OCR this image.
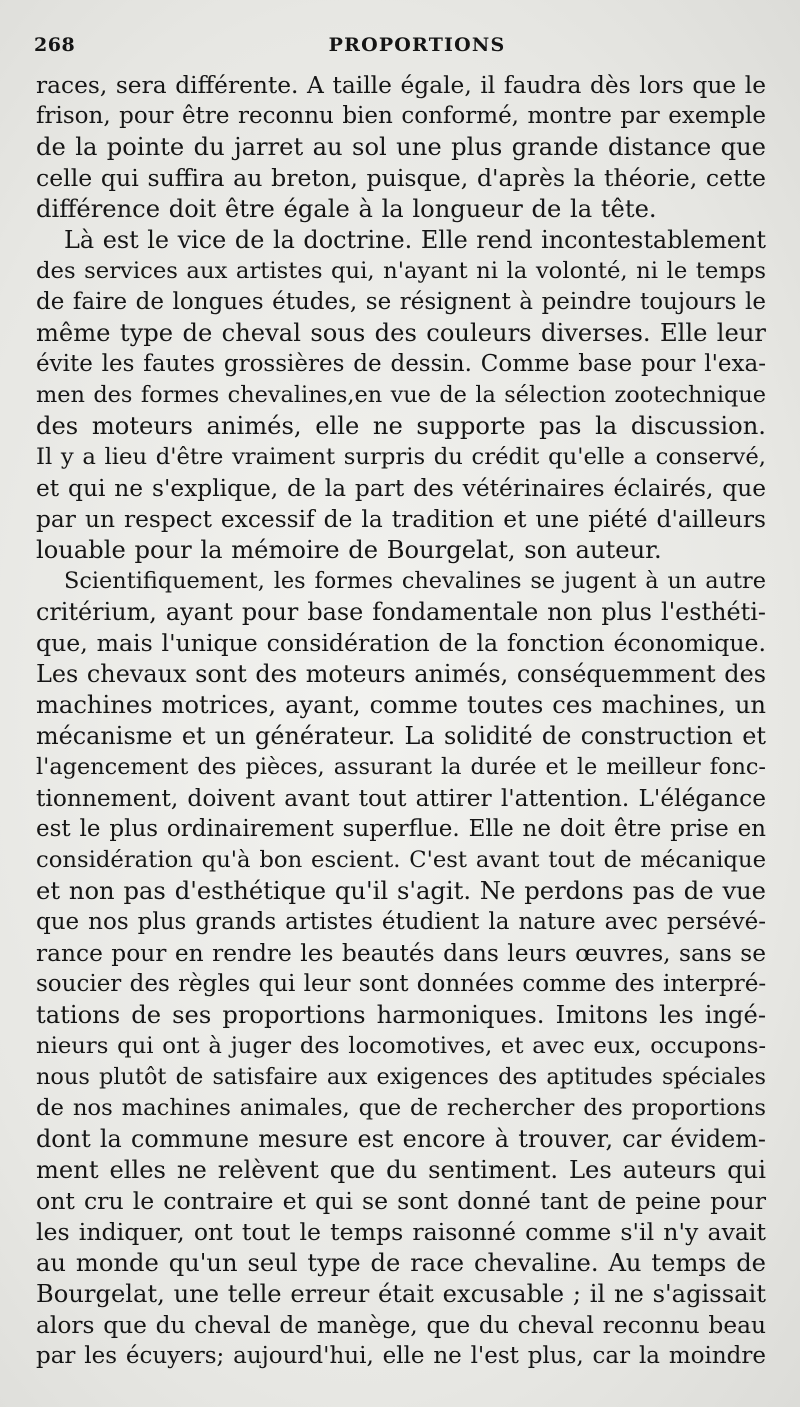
268	PROPORTIONS
races, sera différente. A taille égale, il faudra dès lors que le
frison, pour être reconnu bien conformé, montre par exemple
de la pointe du jarret au sol une plus grande distance que
celle qui suffira au breton, puisque, d'après la théorie, cette
différence doit être égale à la longueur de la tête.
Là est le vice de la doctrine. Elle rend incontestablement
des services aux artistes qui, n'ayant ni la volonté, ni le temps
de faire de longues études, se résignent à peindre toujours le
même type de cheval sous des couleurs diverses. Elle leur
évite les fautes grossières de dessin. Comme base pour l'exa-
men des formes chevalines,en vue de la sélection zootechnique
des moteurs animés, elle ne supporte pas la discussion.
Il y a lieu d'être vraiment surpris du crédit qu'elle a conservé,
et qui ne s'explique, de la part des vétérinaires éclairés, que
par un respect excessif de la tradition et une piété d'ailleurs
louable pour la mémoire de Bourgelat, son auteur.
Scientifiquement, les formes chevalines se jugent à un autre
critérium, ayant pour base fondamentale non plus l'esthéti-
que, mais l'unique considération de la fonction économique.
Les chevaux sont des moteurs animés, conséquemment des
machines motrices, ayant, comme toutes ces machines, un
mécanisme et un générateur. La solidité de construction et
l'agencement des pièces, assurant la durée et le meilleur fonc-
tionnement, doivent avant tout attirer l'attention. L'élégance
est le plus ordinairement superflue. Elle ne doit être prise en
considération qu'à bon escient. C'est avant tout de mécanique
et non pas d'esthétique qu'il s'agit. Ne perdons pas de vue
que nos plus grands artistes étudient la nature avec persévé-
rance pour en rendre les beautés dans leurs œuvres, sans se
soucier des règles qui leur sont données comme des interpré-
tations de ses proportions harmoniques. Imitons les ingé-
nieurs qui ont à juger des locomotives, et avec eux, occupons-
nous plutôt de satisfaire aux exigences des aptitudes spéciales
de nos machines animales, que de rechercher des proportions
dont la commune mesure est encore à trouver, car évidem-
ment elles ne relèvent que du sentiment. Les auteurs qui
ont cru le contraire et qui se sont donné tant de peine pour
les indiquer, ont tout le temps raisonné comme s'il n'y avait
au monde qu'un seul type de race chevaline. Au temps de
Bourgelat, une telle erreur était excusable ; il ne s'agissait
alors que du cheval de manège, que du cheval reconnu beau
par les écuyers; aujourd'hui, elle ne l'est plus, car la moindre
